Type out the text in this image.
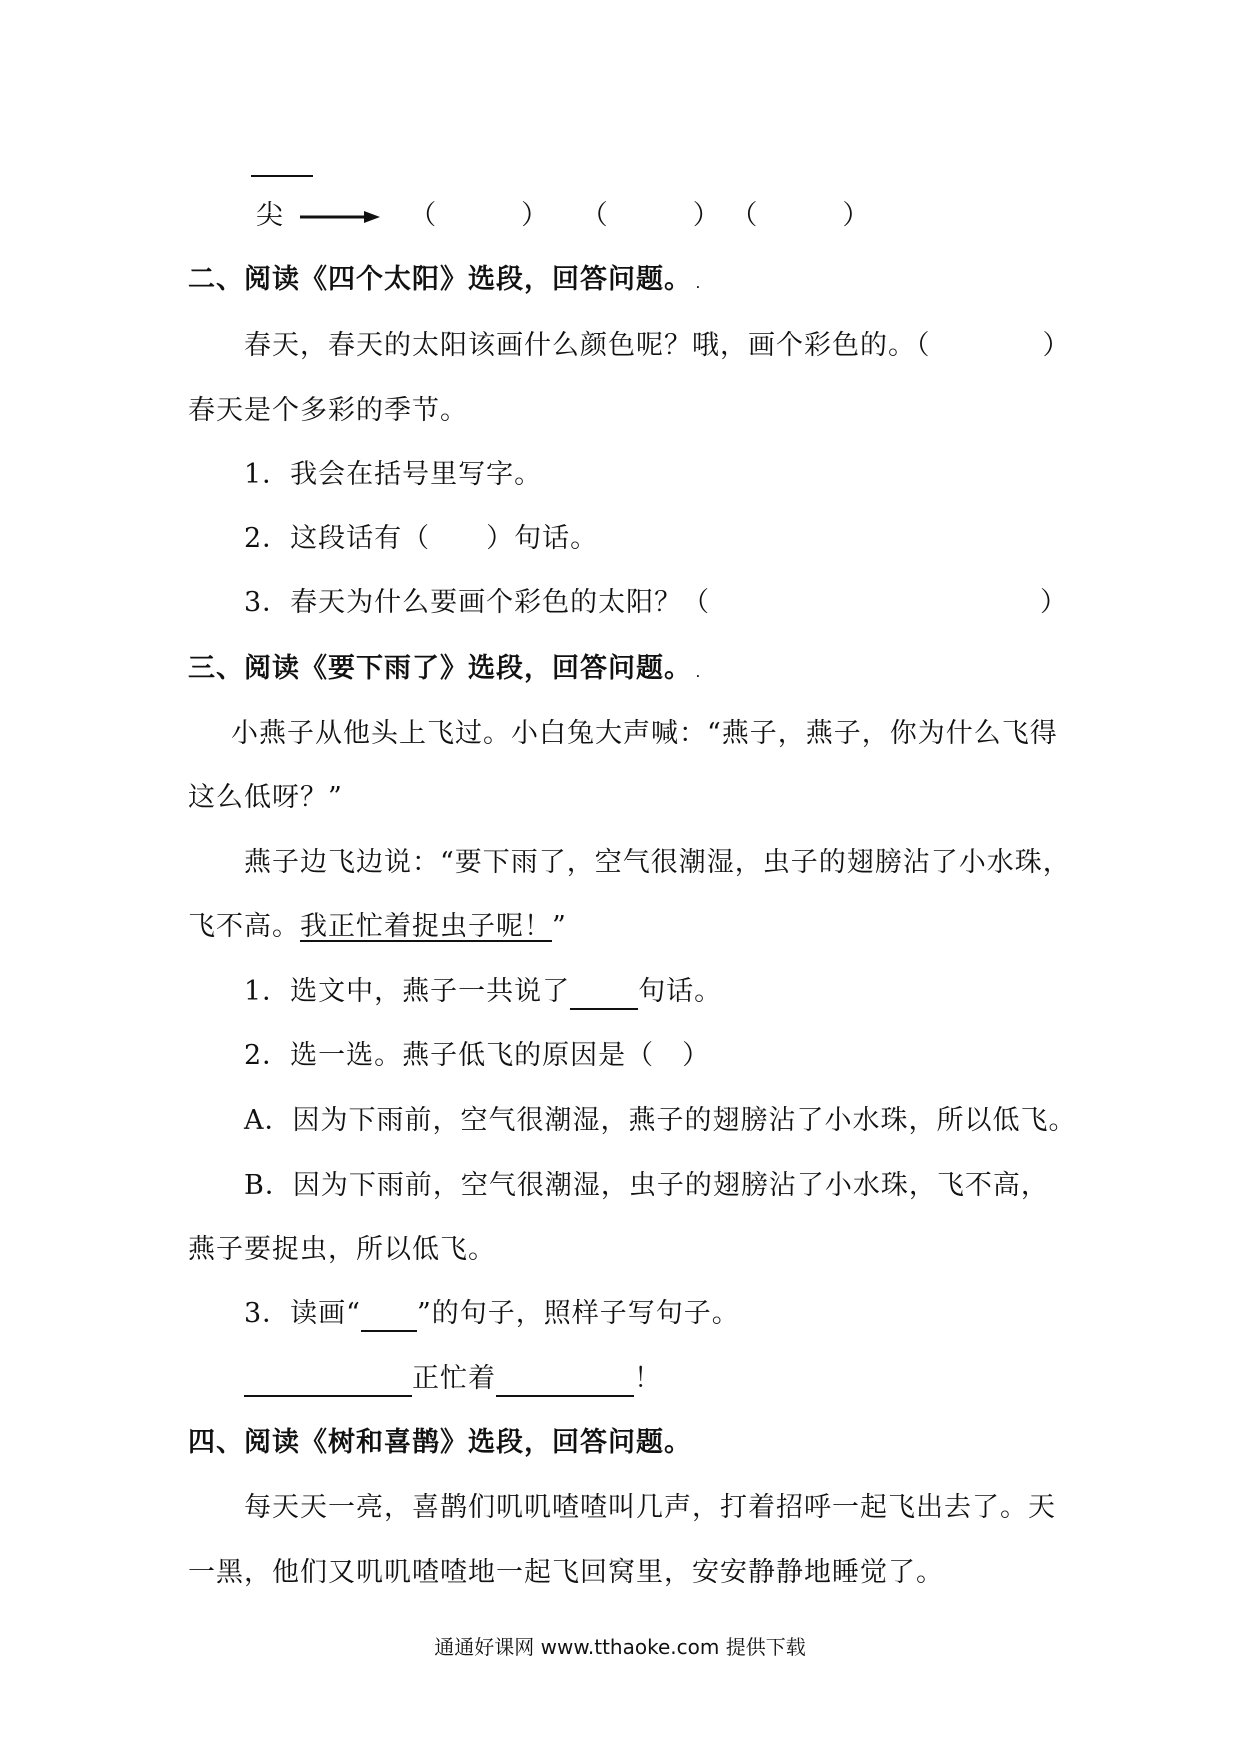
尖	（　　　） （　　　） （　　　）
二、阅读《四个太阳》选段，回答问题。 .
春天，春天的太阳该画什么颜色呢？哦，画个彩色的。（　　　　）
春天是个多彩的季节。
1．我会在括号里写字。
2．这段话有（　　）句话。
3．春天为什么要画个彩色的太阳？（	）
三、阅读《要下雨了》选段，回答问题。 .
小燕子从他头上飞过。小白兔大声喊：“燕子，燕子，你为什么飞得
这么低呀？”
燕子边飞边说：“要下雨了，空气很潮湿，虫子的翅膀沾了小水珠，
飞不高。我正忙着捉虫子呢！”
1．选文中，燕子一共说了	句话。
2．选一选。燕子低飞的原因是（　）
A．因为下雨前，空气很潮湿，燕子的翅膀沾了小水珠，所以低飞。
B．因为下雨前，空气很潮湿，虫子的翅膀沾了小水珠，飞不高，
燕子要捉虫，所以低飞。
3．读画“ ”的句子，照样子写句子。
正忙着	！
四、阅读《树和喜鹊》选段，回答问题。
每天天一亮，喜鹊们叽叽喳喳叫几声，打着招呼一起飞出去了。天
一黑，他们又叽叽喳喳地一起飞回窝里，安安静静地睡觉了。
通通好课网 www.tthaoke.com 提供下载
